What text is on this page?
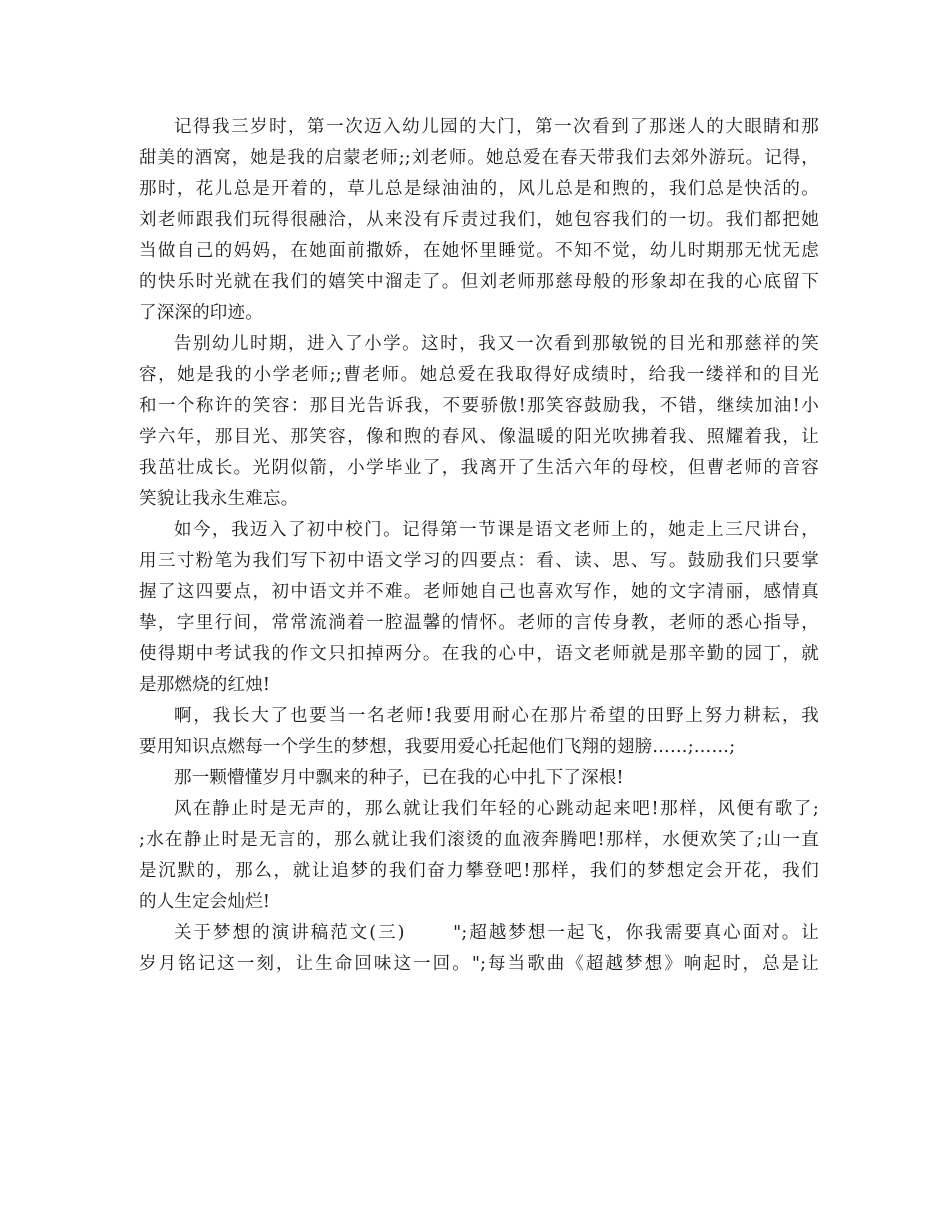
记得我三岁时，第一次迈入幼儿园的大门，第一次看到了那迷人的大眼睛和那
甜美的酒窝，她是我的启蒙老师;;刘老师。她总爱在春天带我们去郊外游玩。记得，
那时，花儿总是开着的，草儿总是绿油油的，风儿总是和煦的，我们总是快活的。
刘老师跟我们玩得很融洽，从来没有斥责过我们，她包容我们的一切。我们都把她
当做自己的妈妈，在她面前撒娇，在她怀里睡觉。不知不觉，幼儿时期那无忧无虑
的快乐时光就在我们的嬉笑中溜走了。但刘老师那慈母般的形象却在我的心底留下
了深深的印迹。
告别幼儿时期，进入了小学。这时，我又一次看到那敏锐的目光和那慈祥的笑
容，她是我的小学老师;;曹老师。她总爱在我取得好成绩时，给我一缕祥和的目光
和一个称许的笑容：那目光告诉我，不要骄傲!那笑容鼓励我，不错，继续加油!小
学六年，那目光、那笑容，像和煦的春风、像温暖的阳光吹拂着我、照耀着我，让
我茁壮成长。光阴似箭，小学毕业了，我离开了生活六年的母校，但曹老师的音容
笑貌让我永生难忘。
如今，我迈入了初中校门。记得第一节课是语文老师上的，她走上三尺讲台，
用三寸粉笔为我们写下初中语文学习的四要点：看、读、思、写。鼓励我们只要掌
握了这四要点，初中语文并不难。老师她自己也喜欢写作，她的文字清丽，感情真
挚，字里行间，常常流淌着一腔温馨的情怀。老师的言传身教，老师的悉心指导，
使得期中考试我的作文只扣掉两分。在我的心中，语文老师就是那辛勤的园丁，就
是那燃烧的红烛!
啊，我长大了也要当一名老师!我要用耐心在那片希望的田野上努力耕耘，我
要用知识点燃每一个学生的梦想，我要用爱心托起他们飞翔的翅膀……;……;
那一颗懵懂岁月中飘来的种子，已在我的心中扎下了深根!
风在静止时是无声的，那么就让我们年轻的心跳动起来吧!那样，风便有歌了;
;水在静止时是无言的，那么就让我们滚烫的血液奔腾吧!那样，水便欢笑了;山一直
是沉默的，那么，就让追梦的我们奋力攀登吧!那样，我们的梦想定会开花，我们
的人生定会灿烂!
关于梦想的演讲稿范文(三)　　 ";超越梦想一起飞，你我需要真心面对。让
岁月铭记这一刻，让生命回味这一回。";每当歌曲《超越梦想》响起时，总是让
